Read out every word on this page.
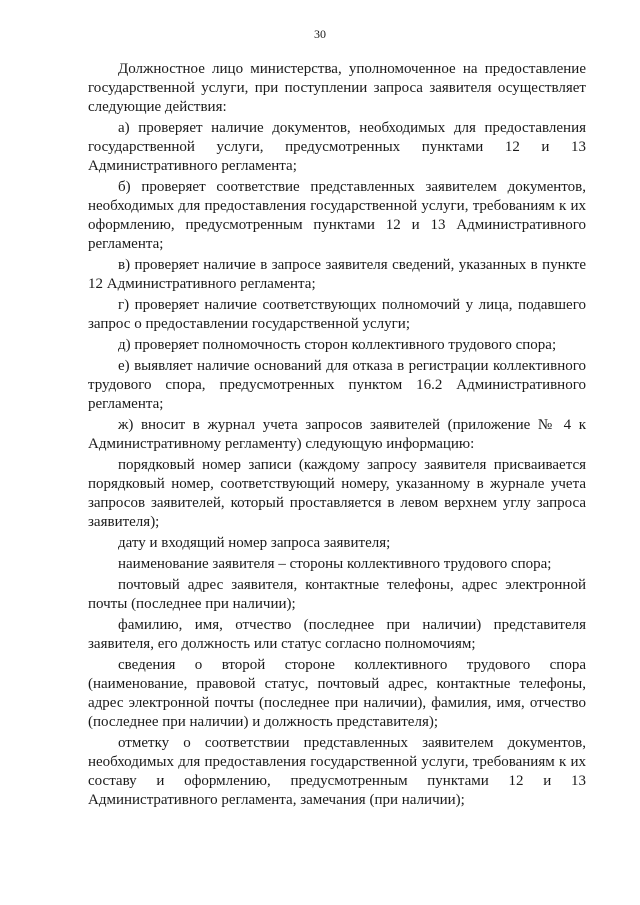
30

Должностное лицо министерства, уполномоченное на предоставление государственной услуги, при поступлении запроса заявителя осуществляет следующие действия:

а) проверяет наличие документов, необходимых для предоставления государственной услуги, предусмотренных пунктами 12 и 13 Административного регламента;

б) проверяет соответствие представленных заявителем документов, необходимых для предоставления государственной услуги, требованиям к их оформлению, предусмотренным пунктами 12 и 13 Административного регламента;

в) проверяет наличие в запросе заявителя сведений, указанных в пункте 12 Административного регламента;

г) проверяет наличие соответствующих полномочий у лица, подавшего запрос о предоставлении государственной услуги;

д) проверяет полномочность сторон коллективного трудового спора;

е) выявляет наличие оснований для отказа в регистрации коллективного трудового спора, предусмотренных пунктом 16.2 Административного регламента;

ж) вносит в журнал учета запросов заявителей (приложение № 4 к Административному регламенту) следующую информацию:

порядковый номер записи (каждому запросу заявителя присваивается порядковый номер, соответствующий номеру, указанному в журнале учета запросов заявителей, который проставляется в левом верхнем углу запроса заявителя);

дату и входящий номер запроса заявителя;

наименование заявителя – стороны коллективного трудового спора;

почтовый адрес заявителя, контактные телефоны, адрес электронной почты (последнее при наличии);

фамилию, имя, отчество (последнее при наличии) представителя заявителя, его должность или статус согласно полномочиям;

сведения о второй стороне коллективного трудового спора (наименование, правовой статус, почтовый адрес, контактные телефоны, адрес электронной почты (последнее при наличии), фамилия, имя, отчество (последнее при наличии) и должность представителя);

отметку о соответствии представленных заявителем документов, необходимых для предоставления государственной услуги, требованиям к их составу и оформлению, предусмотренным пунктами 12 и 13 Административного регламента, замечания (при наличии);
